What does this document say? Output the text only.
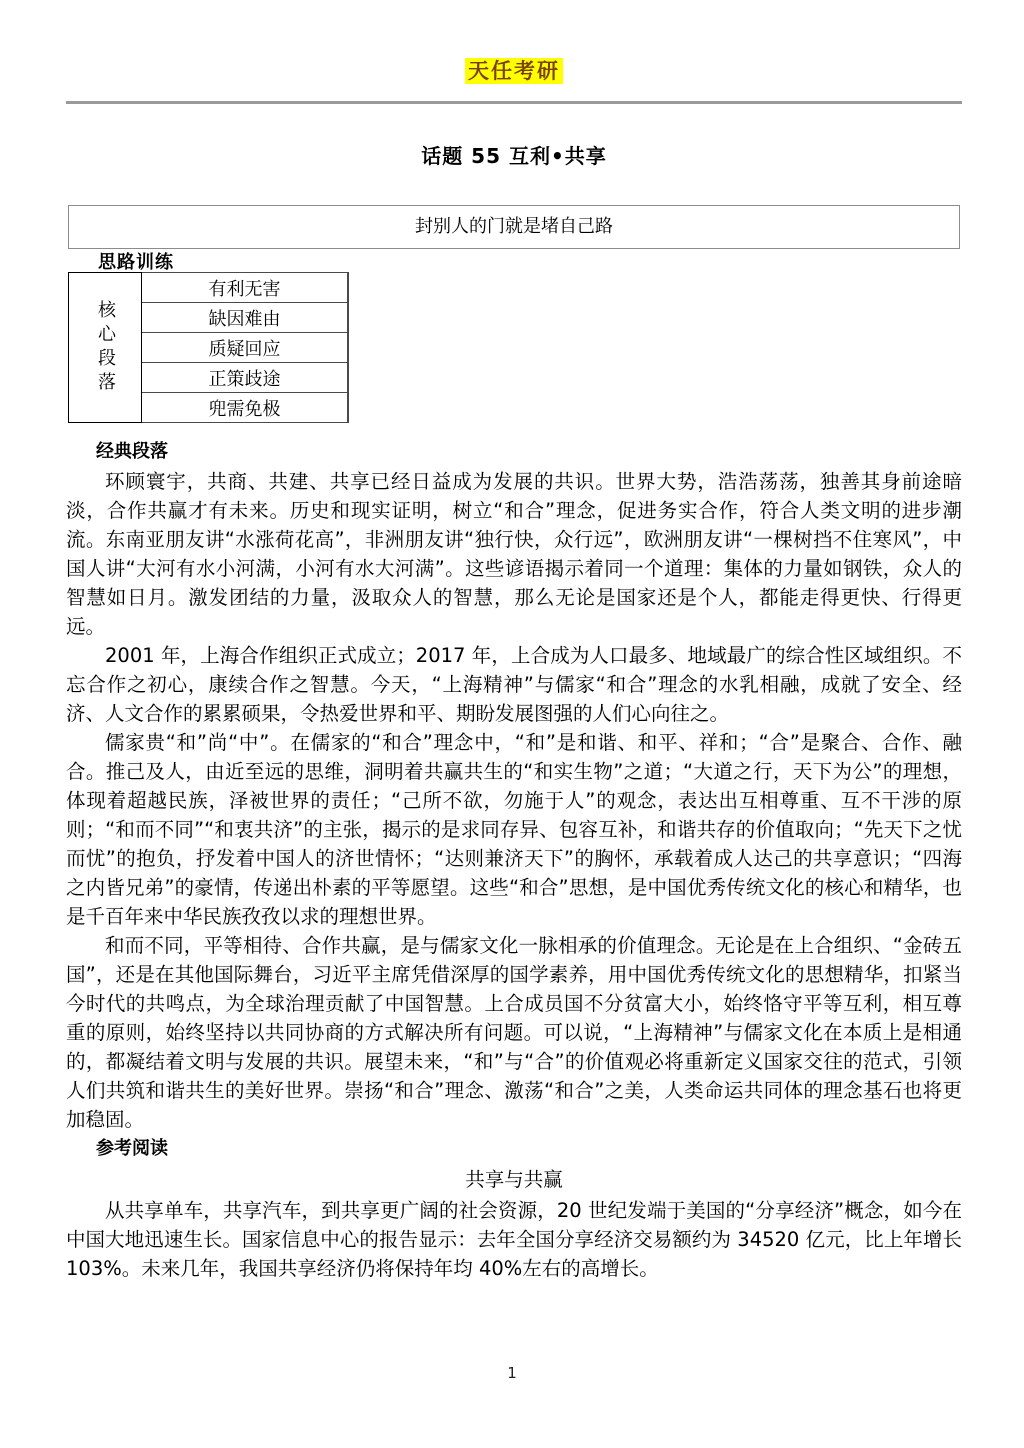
天任考研
话题 55 互利•共享
封别人的门就是堵自己路
思路训练
核心段落	有利无害	
	缺因难由	
	质疑回应	
	正策歧途	
	兜需免极	

经典段落

环顾寰宇，共商、共建、共享已经日益成为发展的共识。世界大势，浩浩荡荡，独善其身前途暗淡，合作共赢才有未来。历史和现实证明，树立“和合”理念，促进务实合作，符合人类文明的进步潮流。东南亚朋友讲“水涨荷花高”，非洲朋友讲“独行快，众行远”，欧洲朋友讲“一棵树挡不住寒风”，中国人讲“大河有水小河满，小河有水大河满”。这些谚语揭示着同一个道理：集体的力量如钢铁，众人的智慧如日月。激发团结的力量，汲取众人的智慧，那么无论是国家还是个人，都能走得更快、行得更远。

2001 年，上海合作组织正式成立；2017 年，上合成为人口最多、地域最广的综合性区域组织。不忘合作之初心，康续合作之智慧。今天，“上海精神”与儒家“和合”理念的水乳相融，成就了安全、经济、人文合作的累累硕果，令热爱世界和平、期盼发展图强的人们心向往之。

儒家贵“和”尚“中”。在儒家的“和合”理念中，“和”是和谐、和平、祥和；“合”是聚合、合作、融合。推己及人，由近至远的思维，洞明着共赢共生的“和实生物”之道；“大道之行，天下为公”的理想，体现着超越民族，泽被世界的责任；“己所不欲，勿施于人”的观念，表达出互相尊重、互不干涉的原则；“和而不同”“和衷共济”的主张，揭示的是求同存异、包容互补，和谐共存的价值取向；“先天下之忧而忧”的抱负，抒发着中国人的济世情怀；“达则兼济天下”的胸怀，承载着成人达己的共享意识；“四海之内皆兄弟”的豪情，传递出朴素的平等愿望。这些“和合”思想，是中国优秀传统文化的核心和精华，也是千百年来中华民族孜孜以求的理想世界。

和而不同，平等相待、合作共赢，是与儒家文化一脉相承的价值理念。无论是在上合组织、“金砖五国”，还是在其他国际舞台，习近平主席凭借深厚的国学素养，用中国优秀传统文化的思想精华，扣紧当今时代的共鸣点，为全球治理贡献了中国智慧。上合成员国不分贫富大小，始终恪守平等互利，相互尊重的原则，始终坚持以共同协商的方式解决所有问题。可以说，“上海精神”与儒家文化在本质上是相通的，都凝结着文明与发展的共识。展望未来，“和”与“合”的价值观必将重新定义国家交往的范式，引领人们共筑和谐共生的美好世界。崇扬“和合”理念、激荡“和合”之美，人类命运共同体的理念基石也将更加稳固。

参考阅读

共享与共赢

从共享单车，共享汽车，到共享更广阔的社会资源，20 世纪发端于美国的“分享经济”概念，如今在中国大地迅速生长。国家信息中心的报告显示：去年全国分享经济交易额约为 34520 亿元，比上年增长 103%。未来几年，我国共享经济仍将保持年均 40%左右的高增长。

1
